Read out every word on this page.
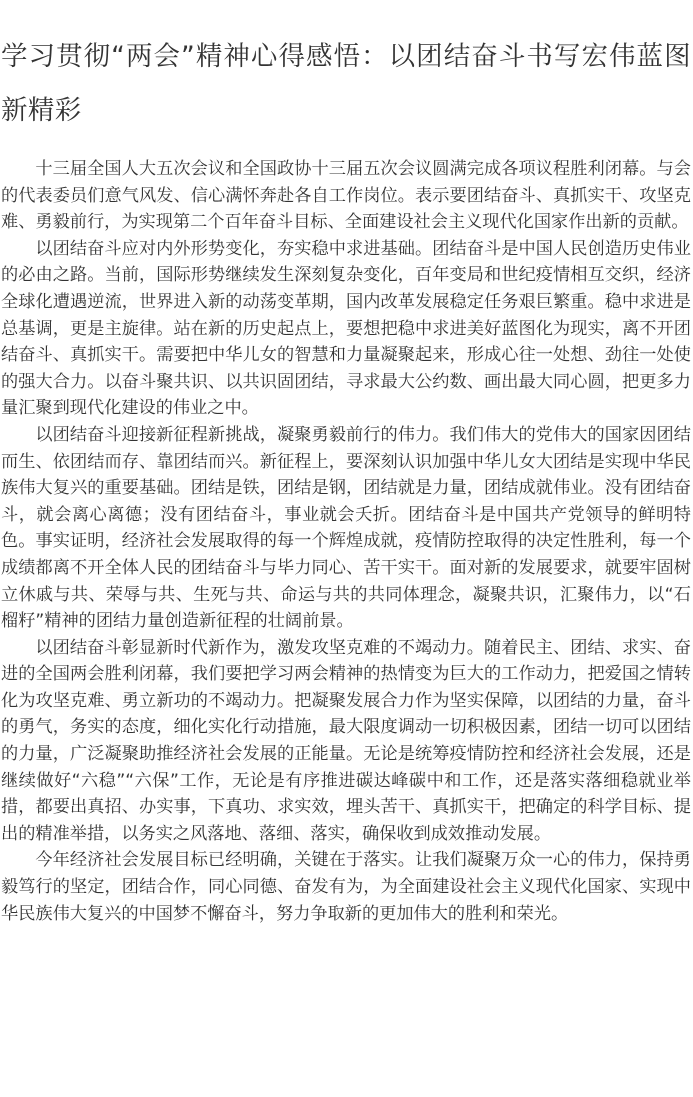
学习贯彻“两会”精神心得感悟：以团结奋斗书写宏伟蓝图新精彩

十三届全国人大五次会议和全国政协十三届五次会议圆满完成各项议程胜利闭幕。与会的代表委员们意气风发、信心满怀奔赴各自工作岗位。表示要团结奋斗、真抓实干、攻坚克难、勇毅前行，为实现第二个百年奋斗目标、全面建设社会主义现代化国家作出新的贡献。

以团结奋斗应对内外形势变化，夯实稳中求进基础。团结奋斗是中国人民创造历史伟业的必由之路。当前，国际形势继续发生深刻复杂变化，百年变局和世纪疫情相互交织，经济全球化遭遇逆流，世界进入新的动荡变革期，国内改革发展稳定任务艰巨繁重。稳中求进是总基调，更是主旋律。站在新的历史起点上，要想把稳中求进美好蓝图化为现实，离不开团结奋斗、真抓实干。需要把中华儿女的智慧和力量凝聚起来，形成心往一处想、劲往一处使的强大合力。以奋斗聚共识、以共识固团结，寻求最大公约数、画出最大同心圆，把更多力量汇聚到现代化建设的伟业之中。

以团结奋斗迎接新征程新挑战，凝聚勇毅前行的伟力。我们伟大的党伟大的国家因团结而生、依团结而存、靠团结而兴。新征程上，要深刻认识加强中华儿女大团结是实现中华民族伟大复兴的重要基础。团结是铁，团结是钢，团结就是力量，团结成就伟业。没有团结奋斗，就会离心离德；没有团结奋斗，事业就会夭折。团结奋斗是中国共产党领导的鲜明特色。事实证明，经济社会发展取得的每一个辉煌成就，疫情防控取得的决定性胜利，每一个成绩都离不开全体人民的团结奋斗与毕力同心、苦干实干。面对新的发展要求，就要牢固树立休戚与共、荣辱与共、生死与共、命运与共的共同体理念，凝聚共识，汇聚伟力，以“石榴籽”精神的团结力量创造新征程的壮阔前景。

以团结奋斗彰显新时代新作为，激发攻坚克难的不竭动力。随着民主、团结、求实、奋进的全国两会胜利闭幕，我们要把学习两会精神的热情变为巨大的工作动力，把爱国之情转化为攻坚克难、勇立新功的不竭动力。把凝聚发展合力作为坚实保障，以团结的力量，奋斗的勇气，务实的态度，细化实化行动措施，最大限度调动一切积极因素，团结一切可以团结的力量，广泛凝聚助推经济社会发展的正能量。无论是统筹疫情防控和经济社会发展，还是继续做好“六稳”“六保”工作，无论是有序推进碳达峰碳中和工作，还是落实落细稳就业举措，都要出真招、办实事，下真功、求实效，埋头苦干、真抓实干，把确定的科学目标、提出的精准举措，以务实之风落地、落细、落实，确保收到成效推动发展。

今年经济社会发展目标已经明确，关键在于落实。让我们凝聚万众一心的伟力，保持勇毅笃行的坚定，团结合作，同心同德、奋发有为，为全面建设社会主义现代化国家、实现中华民族伟大复兴的中国梦不懈奋斗，努力争取新的更加伟大的胜利和荣光。
